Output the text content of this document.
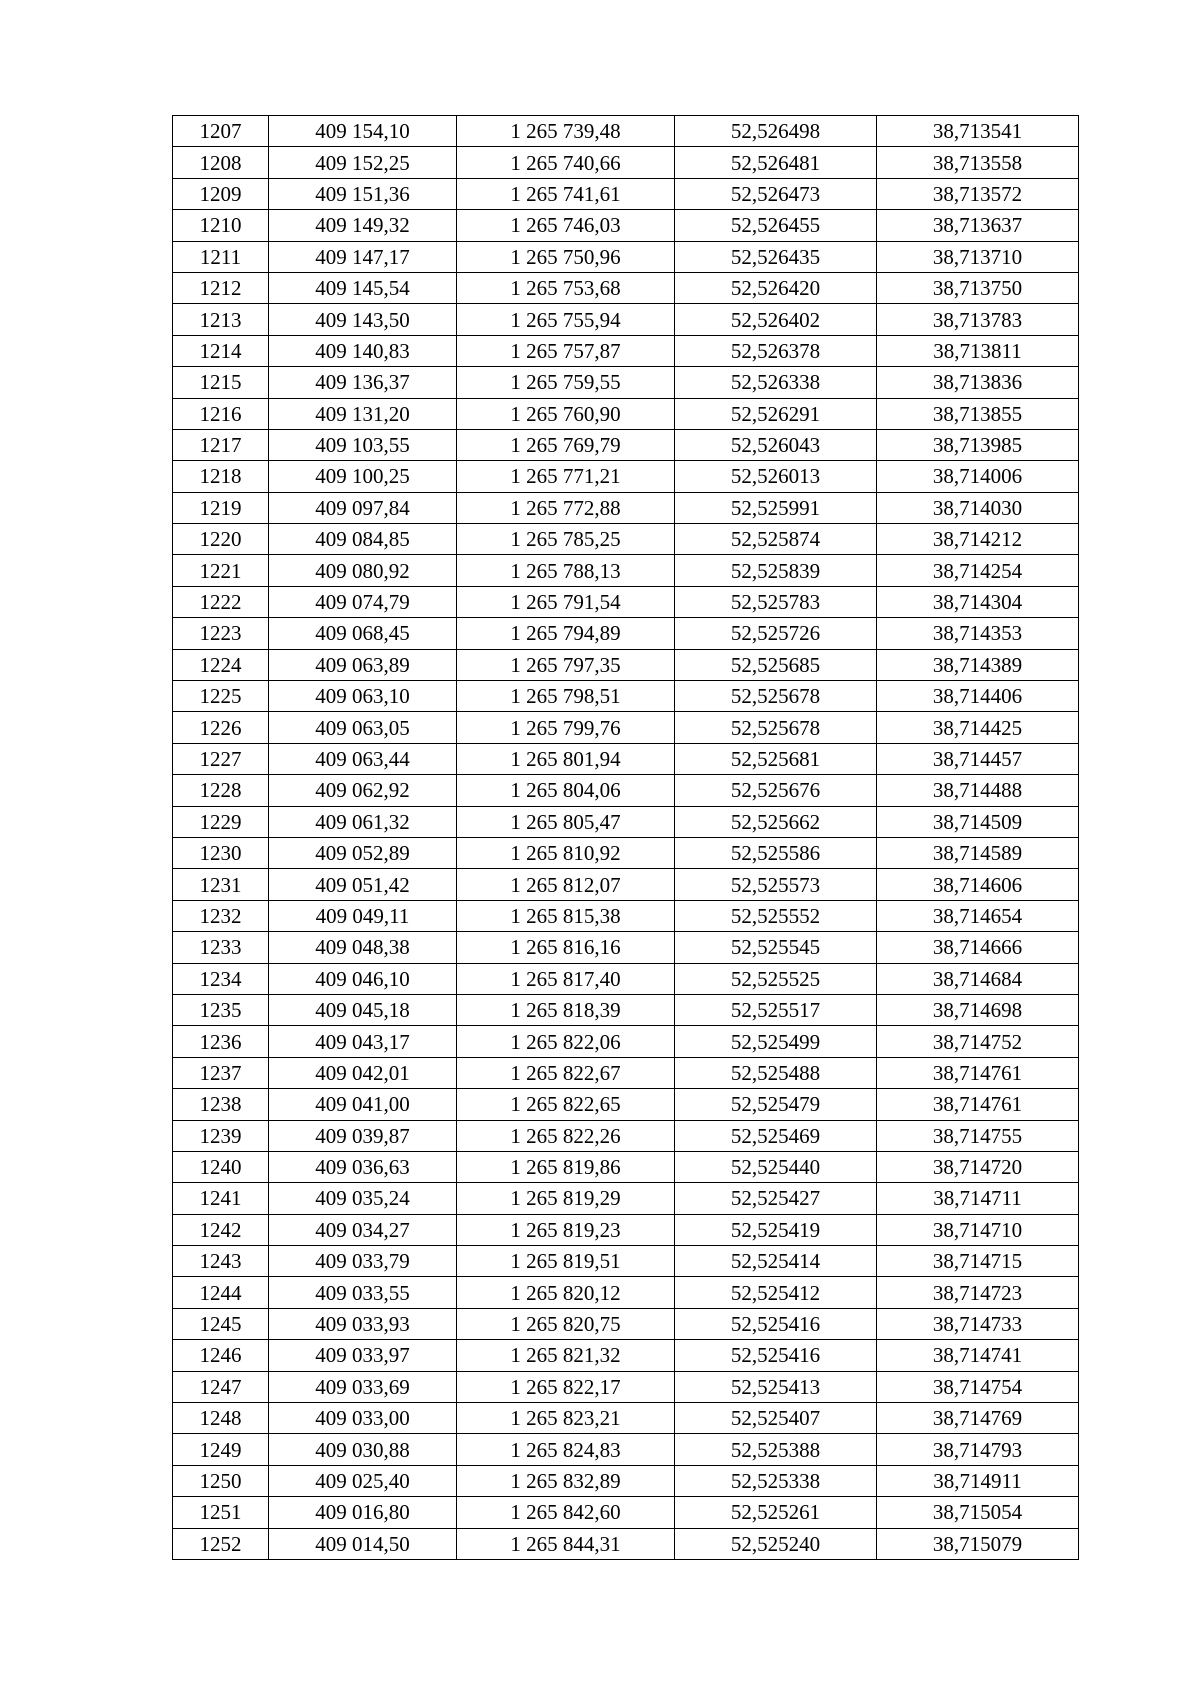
1207	409 154,10	1 265 739,48	52,526498	38,713541
1208	409 152,25	1 265 740,66	52,526481	38,713558
1209	409 151,36	1 265 741,61	52,526473	38,713572
1210	409 149,32	1 265 746,03	52,526455	38,713637
1211	409 147,17	1 265 750,96	52,526435	38,713710
1212	409 145,54	1 265 753,68	52,526420	38,713750
1213	409 143,50	1 265 755,94	52,526402	38,713783
1214	409 140,83	1 265 757,87	52,526378	38,713811
1215	409 136,37	1 265 759,55	52,526338	38,713836
1216	409 131,20	1 265 760,90	52,526291	38,713855
1217	409 103,55	1 265 769,79	52,526043	38,713985
1218	409 100,25	1 265 771,21	52,526013	38,714006
1219	409 097,84	1 265 772,88	52,525991	38,714030
1220	409 084,85	1 265 785,25	52,525874	38,714212
1221	409 080,92	1 265 788,13	52,525839	38,714254
1222	409 074,79	1 265 791,54	52,525783	38,714304
1223	409 068,45	1 265 794,89	52,525726	38,714353
1224	409 063,89	1 265 797,35	52,525685	38,714389
1225	409 063,10	1 265 798,51	52,525678	38,714406
1226	409 063,05	1 265 799,76	52,525678	38,714425
1227	409 063,44	1 265 801,94	52,525681	38,714457
1228	409 062,92	1 265 804,06	52,525676	38,714488
1229	409 061,32	1 265 805,47	52,525662	38,714509
1230	409 052,89	1 265 810,92	52,525586	38,714589
1231	409 051,42	1 265 812,07	52,525573	38,714606
1232	409 049,11	1 265 815,38	52,525552	38,714654
1233	409 048,38	1 265 816,16	52,525545	38,714666
1234	409 046,10	1 265 817,40	52,525525	38,714684
1235	409 045,18	1 265 818,39	52,525517	38,714698
1236	409 043,17	1 265 822,06	52,525499	38,714752
1237	409 042,01	1 265 822,67	52,525488	38,714761
1238	409 041,00	1 265 822,65	52,525479	38,714761
1239	409 039,87	1 265 822,26	52,525469	38,714755
1240	409 036,63	1 265 819,86	52,525440	38,714720
1241	409 035,24	1 265 819,29	52,525427	38,714711
1242	409 034,27	1 265 819,23	52,525419	38,714710
1243	409 033,79	1 265 819,51	52,525414	38,714715
1244	409 033,55	1 265 820,12	52,525412	38,714723
1245	409 033,93	1 265 820,75	52,525416	38,714733
1246	409 033,97	1 265 821,32	52,525416	38,714741
1247	409 033,69	1 265 822,17	52,525413	38,714754
1248	409 033,00	1 265 823,21	52,525407	38,714769
1249	409 030,88	1 265 824,83	52,525388	38,714793
1250	409 025,40	1 265 832,89	52,525338	38,714911
1251	409 016,80	1 265 842,60	52,525261	38,715054
1252	409 014,50	1 265 844,31	52,525240	38,715079
